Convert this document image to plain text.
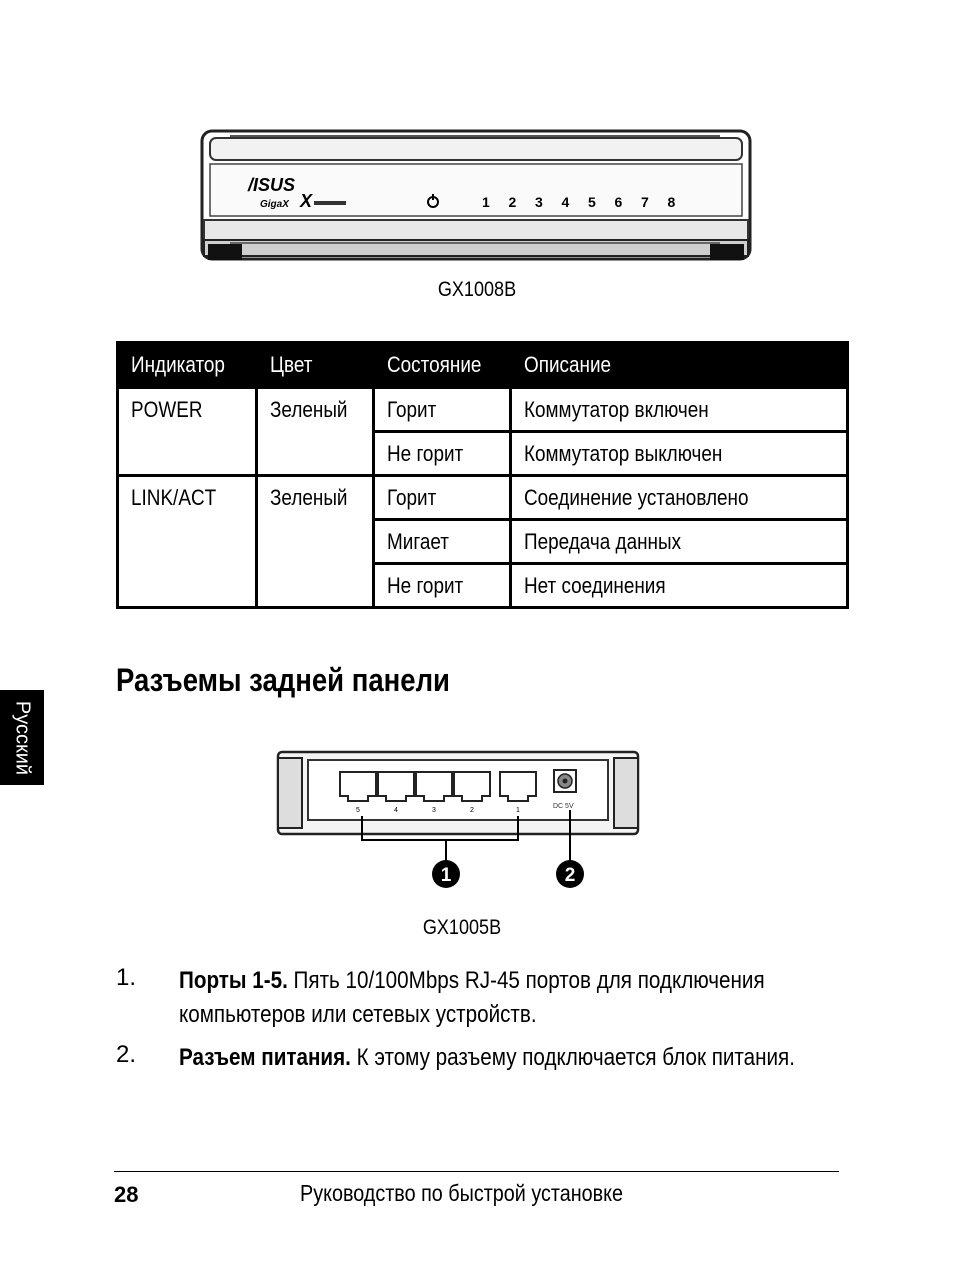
/ISUS
GigaX X	1 2 3 4 5 6 7 8
GX1008B
Индикатор	Цвет	Состояние	Описание
POWER	Зеленый	Горит	Коммутатор включен
		Не горит	Коммутатор выключен
LINK/ACT	Зеленый	Горит	Соединение установлено
		Мигает	Передача данных
		Не горит	Нет соединения
Русский
Разъемы задней панели
5	4	3	2	1
DC 5V
1	2
GX1005B
1. Порты 1-5. Пять 10/100Mbps RJ-45 портов для подключения компьютеров или сетевых устройств.
2. Разъем питания. К этому разъему подключается блок питания.
28	Руководство по быстрой установке
